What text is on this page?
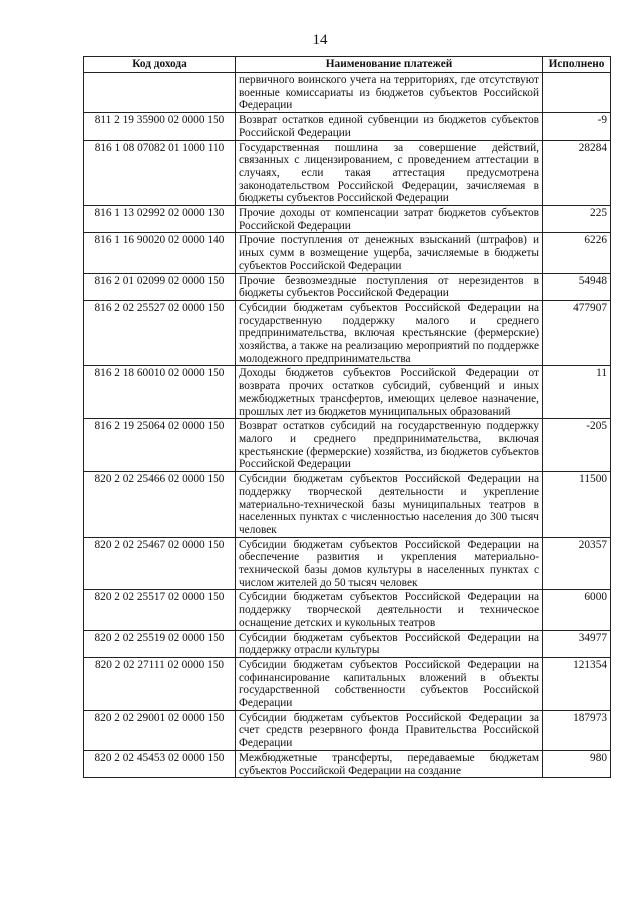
14
Код дохода	Наименование платежей	Исполнено
	первичного воинского учета на территориях, где отсутствуют военные комиссариаты из бюджетов субъектов Российской Федерации	
811 2 19 35900 02 0000 150	Возврат остатков единой субвенции из бюджетов субъектов Российской Федерации	-9
816 1 08 07082 01 1000 110	Государственная пошлина за совершение действий, связанных с лицензированием, с проведением аттестации в случаях, если такая аттестация предусмотрена законодательством Российской Федерации, зачисляемая в бюджеты субъектов Российской Федерации	28284
816 1 13 02992 02 0000 130	Прочие доходы от компенсации затрат бюджетов субъектов Российской Федерации	225
816 1 16 90020 02 0000 140	Прочие поступления от денежных взысканий (штрафов) и иных сумм в возмещение ущерба, зачисляемые в бюджеты субъектов Российской Федерации	6226
816 2 01 02099 02 0000 150	Прочие безвозмездные поступления от нерезидентов в бюджеты субъектов Российской Федерации	54948
816 2 02 25527 02 0000 150	Субсидии бюджетам субъектов Российской Федерации на государственную поддержку малого и среднего предпринимательства, включая крестьянские (фермерские) хозяйства, а также на реализацию мероприятий по поддержке молодежного предпринимательства	477907
816 2 18 60010 02 0000 150	Доходы бюджетов субъектов Российской Федерации от возврата прочих остатков субсидий, субвенций и иных межбюджетных трансфертов, имеющих целевое назначение, прошлых лет из бюджетов муниципальных образований	11
816 2 19 25064 02 0000 150	Возврат остатков субсидий на государственную поддержку малого и среднего предпринимательства, включая крестьянские (фермерские) хозяйства, из бюджетов субъектов Российской Федерации	-205
820 2 02 25466 02 0000 150	Субсидии бюджетам субъектов Российской Федерации на поддержку творческой деятельности и укрепление материально-технической базы муниципальных театров в населенных пунктах с численностью населения до 300 тысяч человек	11500
820 2 02 25467 02 0000 150	Субсидии бюджетам субъектов Российской Федерации на обеспечение развития и укрепления материально-технической базы домов культуры в населенных пунктах с числом жителей до 50 тысяч человек	20357
820 2 02 25517 02 0000 150	Субсидии бюджетам субъектов Российской Федерации на поддержку творческой деятельности и техническое оснащение детских и кукольных театров	6000
820 2 02 25519 02 0000 150	Субсидии бюджетам субъектов Российской Федерации на поддержку отрасли культуры	34977
820 2 02 27111 02 0000 150	Субсидии бюджетам субъектов Российской Федерации на софинансирование капитальных вложений в объекты государственной собственности субъектов Российской Федерации	121354
820 2 02 29001 02 0000 150	Субсидии бюджетам субъектов Российской Федерации за счет средств резервного фонда Правительства Российской Федерации	187973
820 2 02 45453 02 0000 150	Межбюджетные трансферты, передаваемые бюджетам субъектов Российской Федерации на создание	980
